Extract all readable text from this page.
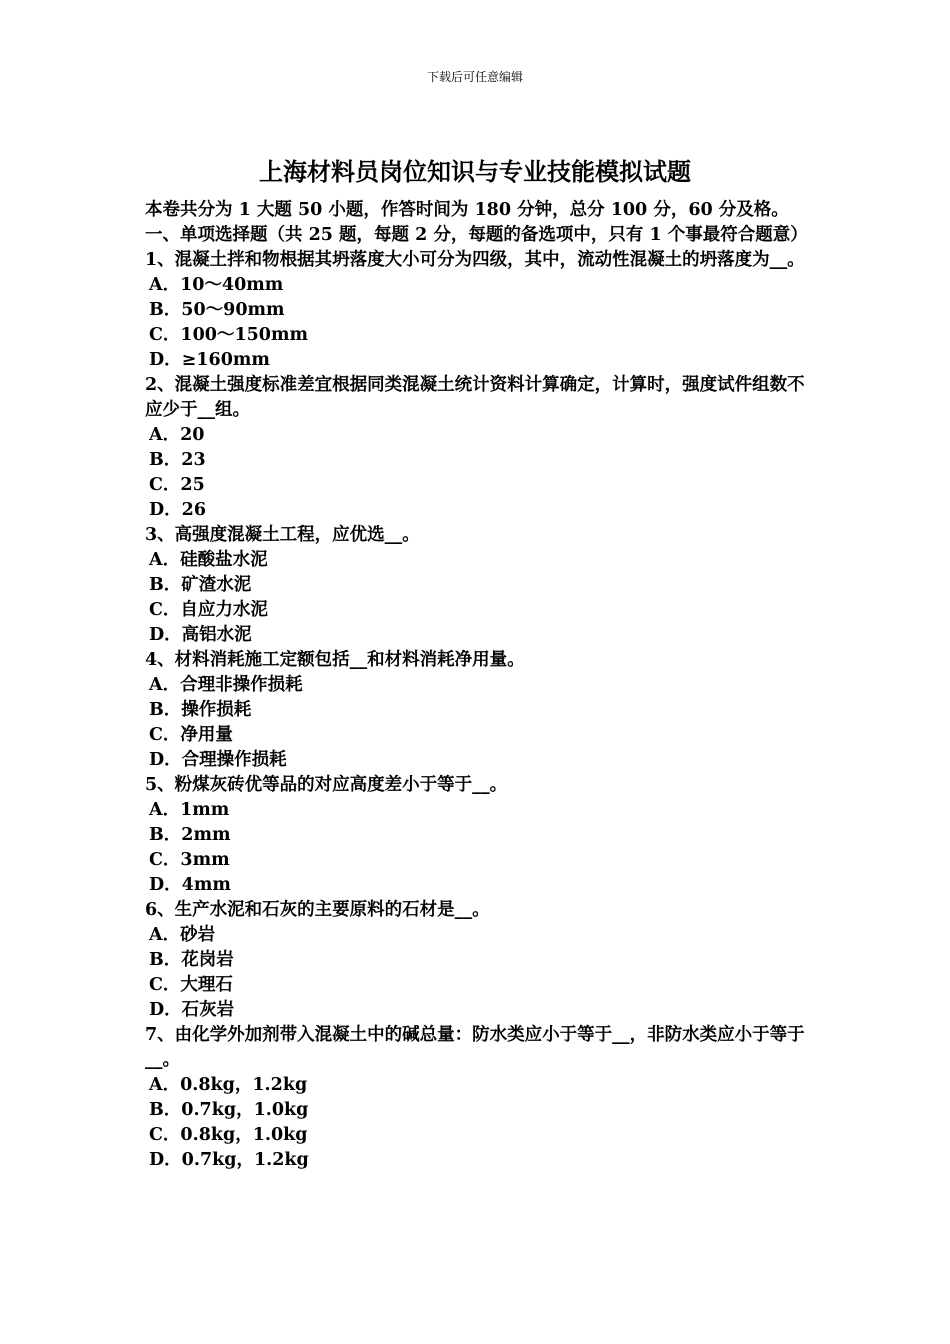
下载后可任意编辑
上海材料员岗位知识与专业技能模拟试题

本卷共分为 1 大题 50 小题，作答时间为 180 分钟，总分 100 分，60 分及格。

一、单项选择题（共 25 题，每题 2 分，每题的备选项中，只有 1 个事最符合题意）

1、混凝土拌和物根据其坍落度大小可分为四级，其中，流动性混凝土的坍落度为__。

A．10～40mm

B．50～90mm

C．100～150mm

D．≥160mm

2、混凝土强度标准差宜根据同类混凝土统计资料计算确定，计算时，强度试件组数不应少于__组。

A．20

B．23

C．25

D．26

3、高强度混凝土工程，应优选__。

A．硅酸盐水泥

B．矿渣水泥

C．自应力水泥

D．高铝水泥

4、材料消耗施工定额包括__和材料消耗净用量。

A．合理非操作损耗

B．操作损耗

C．净用量

D．合理操作损耗

5、粉煤灰砖优等品的对应高度差小于等于__。

A．1mm

B．2mm

C．3mm

D．4mm

6、生产水泥和石灰的主要原料的石材是__。

A．砂岩

B．花岗岩

C．大理石

D．石灰岩

7、由化学外加剂带入混凝土中的碱总量：防水类应小于等于__，非防水类应小于等于__。

A．0.8kg，1.2kg

B．0.7kg，1.0kg

C．0.8kg，1.0kg

D．0.7kg，1.2kg
